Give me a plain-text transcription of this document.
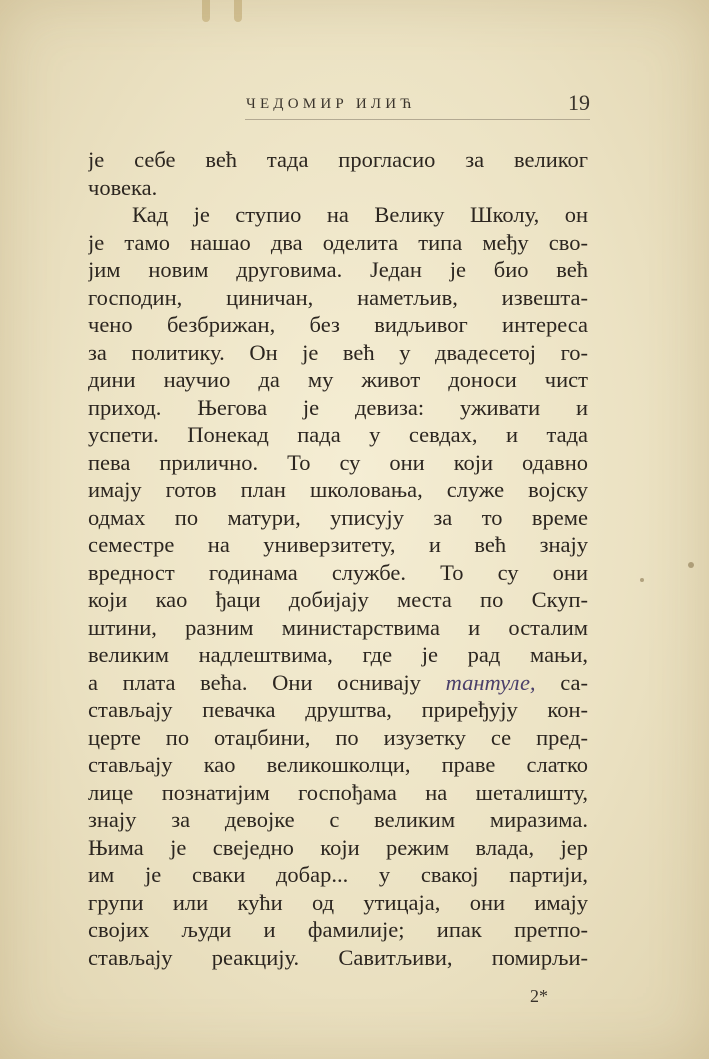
ЧЕДОМИР ИЛИЋ	19
је себе већ тада прогласио за великог
човека.
Кад је ступио на Велику Школу, он
је тамо нашао два оделита типа међу сво-
јим новим друговима. Један је био већ
господин, циничан, наметљив, извешта-
чено безбрижан, без видљивог интереса
за политику. Он је већ у двадесетој го-
дини научио да му живот доноси чист
приход. Његова је девиза: уживати и
успети. Понекад пада у севдах, и тада
пева прилично. То су они који одавно
имају готов план школовања, служе војску
одмах по матури, уписују за то време
семестре на универзитету, и већ знају
вредност годинама службе. То су они
који као ђаци добијају места по Скуп-
штини, разним министарствима и осталим
великим надлештвима, где је рад мањи,
а плата већа. Они оснивају тантуле, са-
стављају певачка друштва, приређују кон-
церте по отаџбини, по изузетку се пред-
стављају као великошколци, праве слатко
лице познатијим госпођама на шеталишту,
знају за девојке с великим миразима.
Њима је свеједно који режим влада, јер
им је сваки добар... у свакој партији,
групи или кући од утицаја, они имају
својих људи и фамилије; ипак претпо-
стављају реакцију. Савитљиви, помирљи-
2*
